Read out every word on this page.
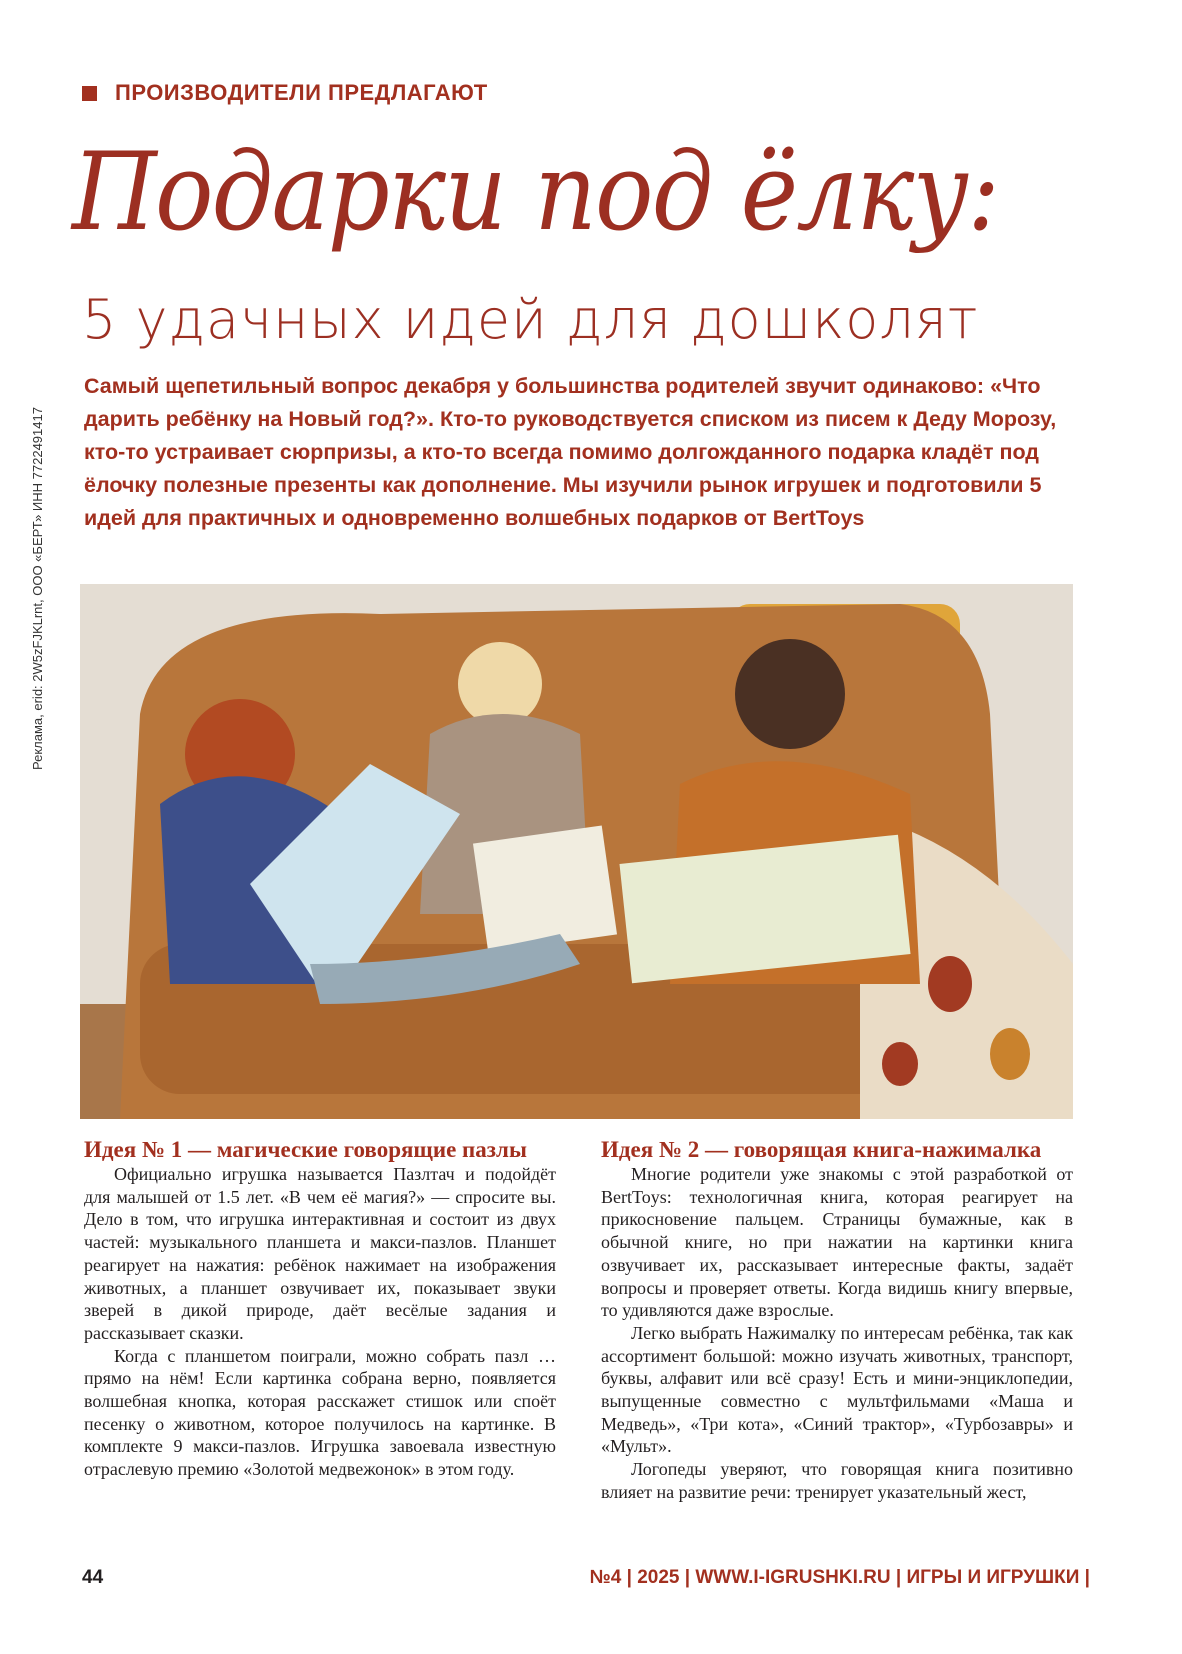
ПРОИЗВОДИТЕЛИ ПРЕДЛАГАЮТ
Подарки под ёлку:
5 удачных идей для дошколят
Самый щепетильный вопрос декабря у большинства родителей звучит одинаково: «Что дарить ребёнку на Новый год?». Кто-то руководствуется списком из писем к Деду Морозу, кто-то устраивает сюрпризы, а кто-то всегда помимо долгожданного подарка кладёт под ёлочку полезные презенты как дополнение. Мы изучили рынок игрушек и подготовили 5 идей для практичных и одновременно волшебных подарков от BertToys
Реклама, erid: 2W5zFJKLrnt, ООО «БЕРТ» ИНН 7722491417
Идея № 1 — магические говорящие пазлы

Официально игрушка называется Пазлтач и подойдёт для малышей от 1.5 лет. «В чем её магия?» — спросите вы. Дело в том, что игрушка интерактивная и состоит из двух частей: музыкального планшета и макси-пазлов. Планшет реагирует на нажатия: ребёнок нажимает на изображения животных, а планшет озвучивает их, показывает звуки зверей в дикой природе, даёт весёлые задания и рассказывает сказки.

Когда с планшетом поиграли, можно собрать пазл … прямо на нём! Если картинка собрана верно, появляется волшебная кнопка, которая расскажет стишок или споёт песенку о животном, которое получилось на картинке. В комплекте 9 макси-пазлов. Игрушка завоевала известную отраслевую премию «Золотой медвежонок» в этом году.

Идея № 2 — говорящая книга-нажималка

Многие родители уже знакомы с этой разработкой от BertToys: технологичная книга, которая реагирует на прикосновение пальцем. Страницы бумажные, как в обычной книге, но при нажатии на картинки книга озвучивает их, рассказывает интересные факты, задаёт вопросы и проверяет ответы. Когда видишь книгу впервые, то удивляются даже взрослые.

Легко выбрать Нажималку по интересам ребёнка, так как ассортимент большой: можно изучать животных, транспорт, буквы, алфавит или всё сразу! Есть и мини-энциклопедии, выпущенные совместно с мультфильмами «Маша и Медведь», «Три кота», «Синий трактор», «Турбозавры» и «Мульт».

Логопеды уверяют, что говорящая книга позитивно влияет на развитие речи: тренирует указательный жест,

44	№4 | 2025 | WWW.I-IGRUSHKI.RU | ИГРЫ И ИГРУШКИ |
